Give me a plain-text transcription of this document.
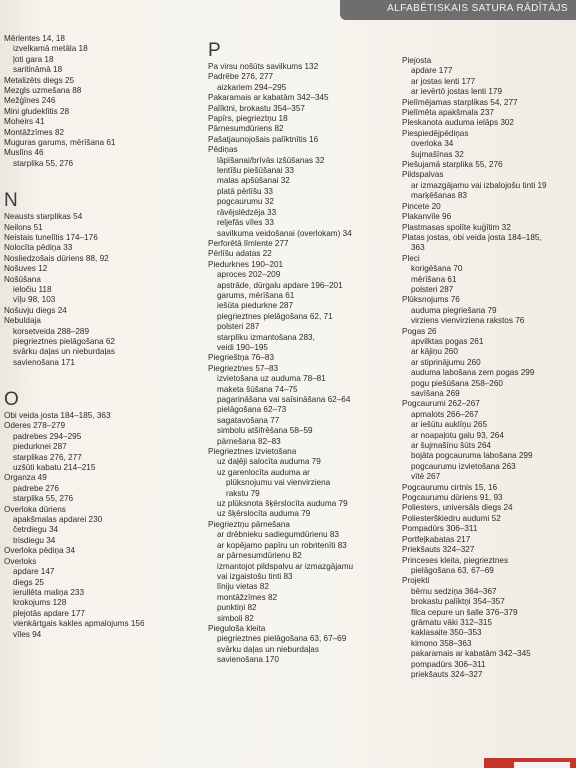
ALFABĒTISKAIS SATURA RĀDĪTĀJS
Mērlentes 14, 18
izvelkamā metāla 18
ļoti gara 18
saritināmā 18
Metalizēts diegs 25
Mezgls uzmešana 88
Mežģīnes 246
Mini gludeklītis 28
Moheirs 41
Montāžzīmes 82
Muguras garums, mērīšana 61
Muslīns 46
starplika 55, 276

N
Neausts starplikas 54
Neilons 51
Neistais tunelītis 174–176
Nolocīta pēdiņa 33
Nosliedzošais dūriens 88, 92
Nošuves 12
Nošūšana
ieločiu 118
vīļu 98, 103
Nošuvju diegs 24
Nebuldaja
korsetveida 288–289
piegrieztnes pielāgošana 62
svārku daļas un nieburdaļas
savienošana 171

O
Obi veida josta 184–185, 363
Oderes 278–279
padrebes 294–295
piedurknei 287
starplikas 276, 277
uzšūti kabatu 214–215
Organza 49
padrebe 276
starplika 55, 276
Overloka dūriens
apakšmalas apdarei 230
četrdiegu 34
trisdiegu 34
Overloka pēdiņa 34
Overloks
apdare 147
diegs 25
ierullēta maliņa 233
krokojums 128
plejotās apdare 177
vienkārtgais kakles apmalojums 156
vīles 94
P
Pa virsu nošūts savilkums 132
Padrēbe 276, 277
aizkariem 294–295
Pakaramais ar kabatām 342–345
Palīktni, brokastu 354–357
Papīrs, piegrieztņu 18
Pārnesumdūriens 82
Pašatjaunojošais palīktnītis 16
Pēdiņas
lāpīšanai/brīvās izšūšanas 32
lentīšu piešūšanai 33
malas apšūšanai 32
platā pērlīšu 33
pogcaurumu 32
rāvējslēdzēja 33
reljefās vīles 33
savilkuma veidošanai (overlokam) 34
Perforētā līmlente 277
Pērlīšu adatas 22
Piedurknes 190–201
aproces 202–209
apstrāde, dūrgalu apdare 196–201
garums, mērīšana 61
iešūta piedurkne 287
piegrieztnes pielāgošana 62, 71
polsteri 287
starplīku izmantošana 283,
veidi 190–195
Piegrieštņa 76–83
Piegrieztnes 57–83
izvietošana uz auduma 78–81
maketa šūšana 74–75
pagarināšana vai saīsināšana 62–64
pielāgošana 62–73
sagatavošana 77
simbolu atšifrēšana 58–59
pārnešana 82–83
Piegrieztnes izvietošana
uz daļēji salocīta auduma 79
uz garenlocīta auduma ar
plūksnojumu vai vienvirziena
rakstu 79
uz plūksnota šķērslocīta auduma 79
uz šķērslocīta auduma 79
Piegrieztņu pārnešana
ar drēbnieku sadiegumdūrienu 83
ar kopējamo papīru un robritenīti 83
ar pārnesumdūrienu 82
izmantojot pildspalvu ar izmazgājamu
vai izgaistošu tinti 83
līniju vietas 82
montāžzīmes 82
punktiņi 82
simboli 82
Pieguloša kleita
piegrieztnes pielāgošana 63, 67–69
svārku daļas un nieburdaļas
savienošana 170
Piejosta
apdare 177
ar jostas lenti 177
ar ievērtō jostas lenti 179
Pielīmējamas starplikas 54, 277
Pielīmēta apakšmala 237
Pleskanota auduma ielāps 302
Piespiedējpēdiņas
overloka 34
šujmašīnas 32
Piešujamā starplika 55, 276
Pildspalvas
ar izmazgājamu vai izbalojošu tinti 19
marķēšanas 83
Pincete 20
Plakanvīle 96
Plastmasas spolīte kuģītim 32
Platas jostas, obi veida josta 184–185,
363
Pleci
korigēšana 70
mērīšana 61
polsteri 287
Plūksnojums 76
auduma piegriešana 79
virziens vienvirziena rakstos 76
Pogas 26
apvilktas pogas 261
ar kājiņu 260
ar stiprinājumu 260
auduma labošana zem pogas 299
pogu piešūšana 258–260
savīšana 269
Pogcaurumi 262–267
apmalots 266–267
ar iešūtu auklīņu 265
ar noapaļotu galu 93, 264
ar šujmašīnu šūts 264
bojāta pogcauruma labošana 299
pogcaurumu izvietošana 263
vītē 267
Pogcaurumu cirtnis 15, 16
Pogcaurumu dūriens 91, 93
Poliesters, universāls diegs 24
Poliesterškiedru audumi 52
Pompadūrs 306–311
Portfeļkabatas 217
Priekšauts 324–327
Princeses kleita, piegrieztnes
pielāgošana 63, 67–69
Projekti
bērnu sedziņa 364–367
brokastu palīktņi 354–357
filca cepure un šalle 376–379
grāmatu vāki 312–315
kaklasaite 350–353
kimono 358–363
pakaramais ar kabatām 342–345
pompadūrs 306–311
priekšauts 324–327
